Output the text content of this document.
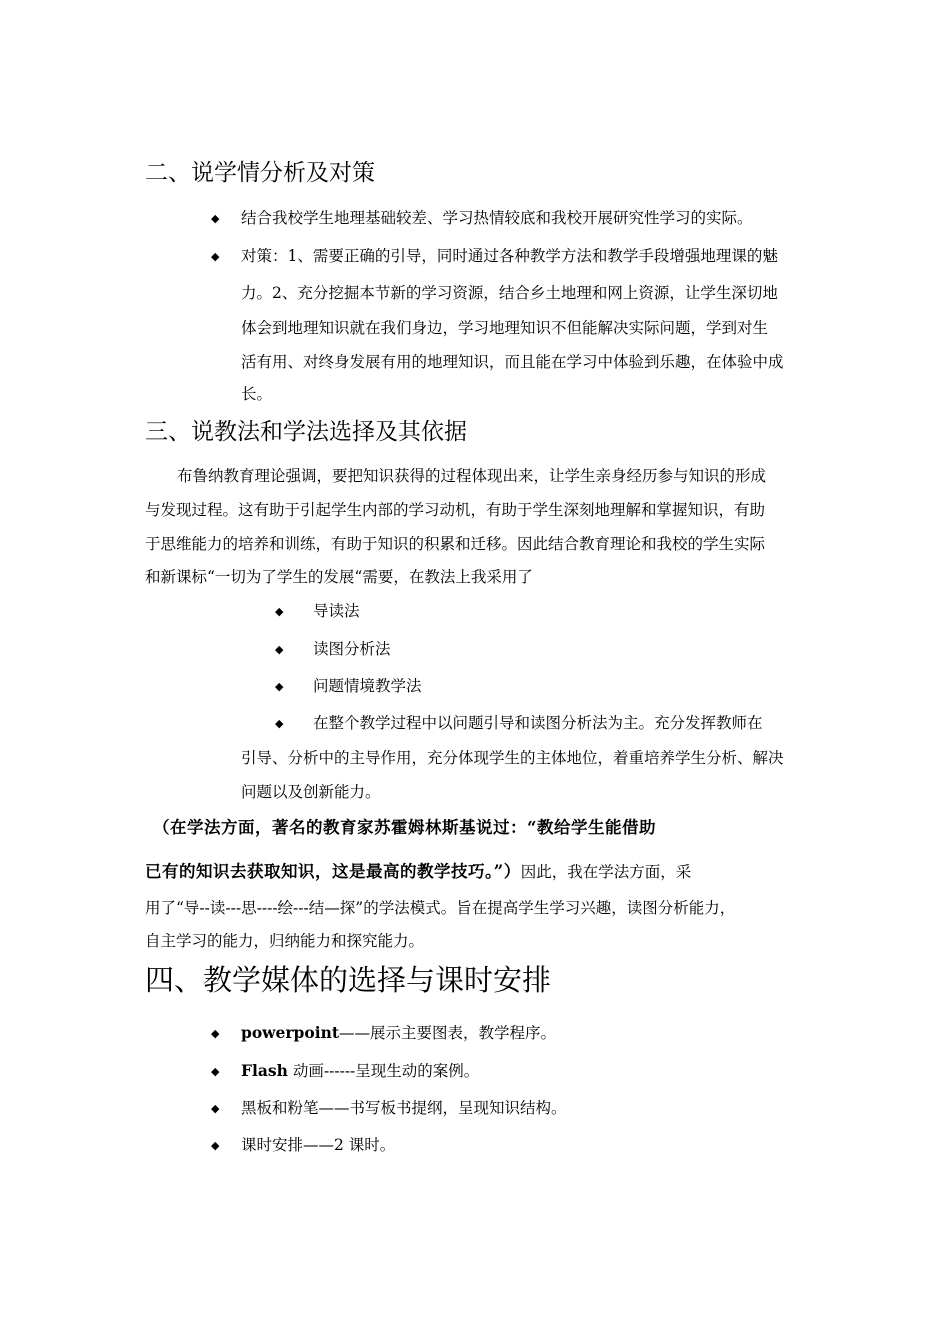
二、说学情分析及对策
◆ 结合我校学生地理基础较差、学习热情较底和我校开展研究性学习的实际。
◆ 对策：1、需要正确的引导，同时通过各种教学方法和教学手段增强地理课的魅
力。2、充分挖掘本节新的学习资源，结合乡土地理和网上资源，让学生深切地
体会到地理知识就在我们身边，学习地理知识不但能解决实际问题，学到对生
活有用、对终身发展有用的地理知识，而且能在学习中体验到乐趣，在体验中成
长。
三、说教法和学法选择及其依据
布鲁纳教育理论强调，要把知识获得的过程体现出来，让学生亲身经历参与知识的形成
与发现过程。这有助于引起学生内部的学习动机，有助于学生深刻地理解和掌握知识，有助
于思维能力的培养和训练，有助于知识的积累和迁移。因此结合教育理论和我校的学生实际
和新课标“一切为了学生的发展“需要，在教法上我采用了
◆ 导读法
◆ 读图分析法
◆ 问题情境教学法
◆ 在整个教学过程中以问题引导和读图分析法为主。充分发挥教师在
引导、分析中的主导作用，充分体现学生的主体地位，着重培养学生分析、解决
问题以及创新能力。
（在学法方面，著名的教育家苏霍姆林斯基说过：“教给学生能借助
已有的知识去获取知识，这是最高的教学技巧。”）因此，我在学法方面，采
用了“导--读---思----绘---结—探”的学法模式。旨在提高学生学习兴趣，读图分析能力，
自主学习的能力，归纳能力和探究能力。
四、教学媒体的选择与课时安排
◆ powerpoint——展示主要图表，教学程序。
◆ Flash 动画------呈现生动的案例。
◆ 黑板和粉笔——书写板书提纲，呈现知识结构。
◆ 课时安排——2 课时。
